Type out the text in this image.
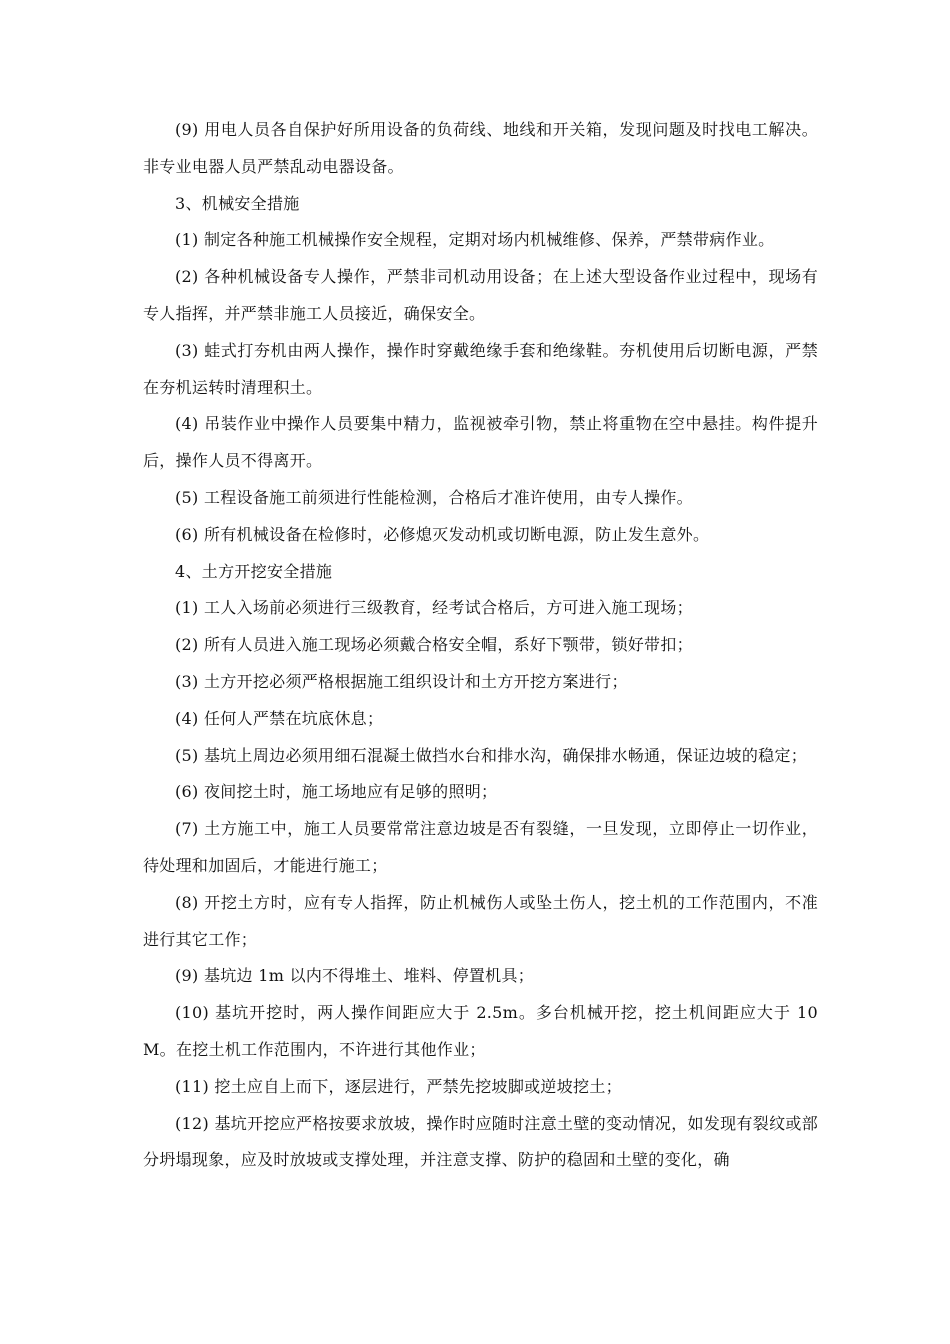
(9) 用电人员各自保护好所用设备的负荷线、地线和开关箱，发现问题及时找电工解决。非专业电器人员严禁乱动电器设备。

3、机械安全措施

(1) 制定各种施工机械操作安全规程，定期对场内机械维修、保养，严禁带病作业。

(2) 各种机械设备专人操作，严禁非司机动用设备；在上述大型设备作业过程中，现场有专人指挥，并严禁非施工人员接近，确保安全。

(3) 蛙式打夯机由两人操作，操作时穿戴绝缘手套和绝缘鞋。夯机使用后切断电源，严禁在夯机运转时清理积土。

(4) 吊装作业中操作人员要集中精力，监视被牵引物，禁止将重物在空中悬挂。构件提升后，操作人员不得离开。

(5) 工程设备施工前须进行性能检测，合格后才准许使用，由专人操作。

(6) 所有机械设备在检修时，必修熄灭发动机或切断电源，防止发生意外。

4、土方开挖安全措施

(1) 工人入场前必须进行三级教育，经考试合格后，方可进入施工现场；

(2) 所有人员进入施工现场必须戴合格安全帽，系好下颚带，锁好带扣；

(3) 土方开挖必须严格根据施工组织设计和土方开挖方案进行；

(4) 任何人严禁在坑底休息；

(5) 基坑上周边必须用细石混凝土做挡水台和排水沟，确保排水畅通，保证边坡的稳定；

(6) 夜间挖土时，施工场地应有足够的照明；

(7) 土方施工中，施工人员要常常注意边坡是否有裂缝，一旦发现，立即停止一切作业，待处理和加固后，才能进行施工；

(8) 开挖土方时，应有专人指挥，防止机械伤人或坠土伤人，挖土机的工作范围内，不准进行其它工作；

(9) 基坑边 1m 以内不得堆土、堆料、停置机具；

(10) 基坑开挖时，两人操作间距应大于 2.5m。多台机械开挖，挖土机间距应大于 10M。在挖土机工作范围内，不许进行其他作业；

(11) 挖土应自上而下，逐层进行，严禁先挖坡脚或逆坡挖土；

(12) 基坑开挖应严格按要求放坡，操作时应随时注意土壁的变动情况，如发现有裂纹或部分坍塌现象，应及时放坡或支撑处理，并注意支撑、防护的稳固和土壁的变化，确
